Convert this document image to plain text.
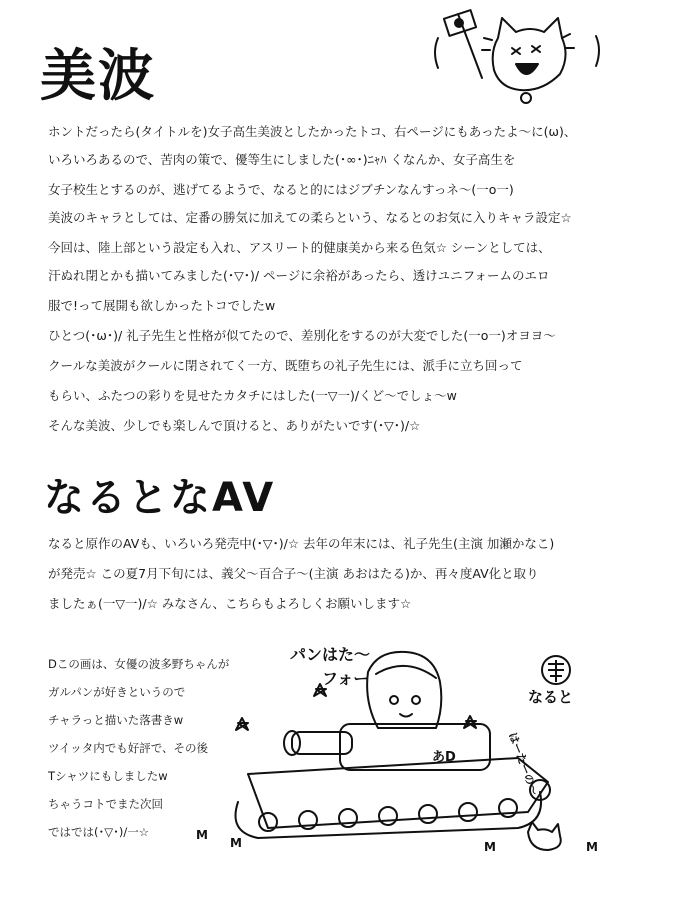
美波
なるとなAV
ホントだったら(タイトルを)女子高生美波としたかったトコ、右ページにもあったよ〜に(ω)、
いろいろあるので、苦肉の策で、優等生にしました(･∞･)ﾆｬﾊ くなんか、女子高生を
女子校生とするのが、逃げてるようで、なると的にはジブチンなんすっネ〜(一ο一)
美波のキャラとしては、定番の勝気に加えての柔らという、なるとのお気に入りキャラ設定☆
今回は、陸上部という設定も入れ、アスリート的健康美から来る色気☆ シーンとしては、
汗ぬれ閉とかも描いてみました(･▽･)/ ページに余裕があったら、透けユニフォームのエロ
服で!って展開も欲しかったトコでしたw
ひとつ(･ω･)/ 礼子先生と性格が似てたので、差別化をするのが大変でした(一ο一)オヨヨ〜
クールな美波がクールに閉されてく一方、既堕ちの礼子先生には、派手に立ち回って
もらい、ふたつの彩りを見せたカタチにはした(一▽一)/くど〜でしょ〜w
そんな美波、少しでも楽しんで頂けると、ありがたいです(･▽･)/☆
なると原作のAVも、いろいろ発売中(･▽･)/☆ 去年の年末には、礼子先生(主演 加瀬かなこ)
が発売☆ この夏7月下旬には、義父〜百合子〜(主演 あおはたる)か、再々度AV化と取り
ましたぁ(一▽一)/☆ みなさん、こちらもよろしくお願いします☆
Dこの画は、女優の波多野ちゃんが
ガルパンが好きというので
チャラっと描いた落書きw
ツイッタ内でも好評で、その後
Tシャツにもしましたw
ちゃうコトでまた次回
ではでは(･▽･)/一☆
パンはた〜
フォー
なると
はーたーの〜
あD
M
M	M	M
